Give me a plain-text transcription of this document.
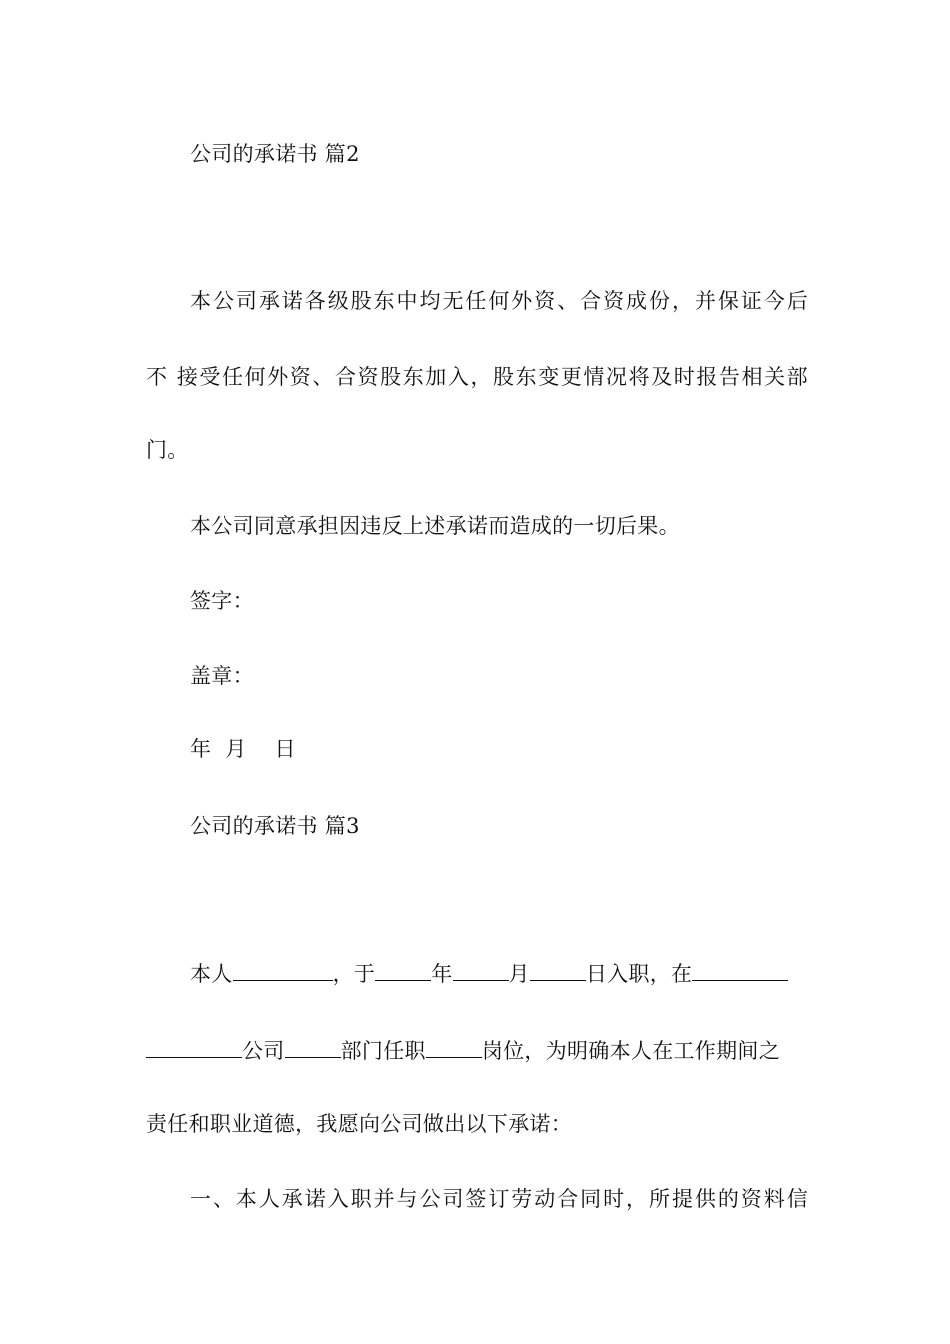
公司的承诺书 篇2
本公司承诺各级股东中均无任何外资、合资成份，并保证今后
不 接受任何外资、合资股东加入，股东变更情况将及时报告相关部
门。
本公司同意承担因违反上述承诺而造成的一切后果。
签字：
盖章：
年  月    日
公司的承诺书 篇3
本人	，于	年	月	日入职，在
公司	部门任职	岗位，为明确本人在工作期间之
责任和职业道德，我愿向公司做出以下承诺：
一、本人承诺入职并与公司签订劳动合同时，所提供的资料信
